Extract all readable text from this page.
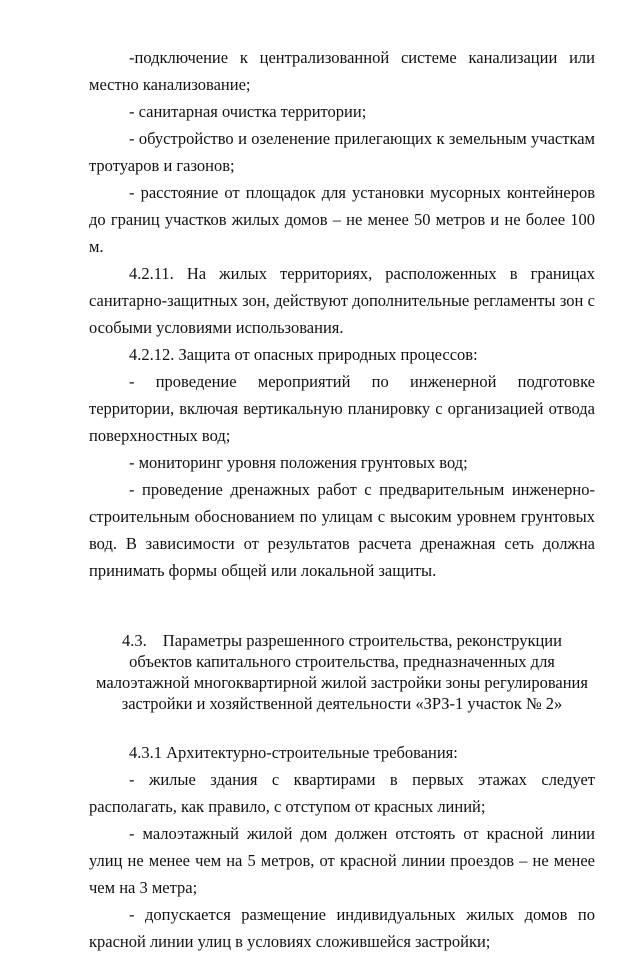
-подключение к централизованной системе канализации или местно канализование;

- санитарная очистка территории;

- обустройство и озеленение прилегающих к земельным участкам тротуаров и газонов;

- расстояние от площадок для установки мусорных контейнеров до границ участков жилых домов – не менее 50 метров и не более 100 м.

4.2.11. На жилых территориях, расположенных в границах санитарно-защитных зон, действуют дополнительные регламенты зон с особыми условиями использования.

4.2.12. Защита от опасных природных процессов:

- проведение мероприятий по инженерной подготовке территории, включая вертикальную планировку с организацией отвода поверхностных вод;

- мониторинг уровня положения грунтовых вод;

- проведение дренажных работ с предварительным инженерно-строительным обоснованием по улицам с высоким уровнем грунтовых вод. В зависимости от результатов расчета дренажная сеть должна принимать формы общей или локальной защиты.

4.3. Параметры разрешенного строительства, реконструкции объектов капитального строительства, предназначенных для малоэтажной многоквартирной жилой застройки зоны регулирования застройки и хозяйственной деятельности «ЗРЗ-1 участок № 2»

4.3.1 Архитектурно-строительные требования:

- жилые здания с квартирами в первых этажах следует располагать, как правило, с отступом от красных линий;

- малоэтажный жилой дом должен отстоять от красной линии улиц не менее чем на 5 метров, от красной линии проездов – не менее чем на 3 метра;

- допускается размещение индивидуальных жилых домов по красной линии улиц в условиях сложившейся застройки;
